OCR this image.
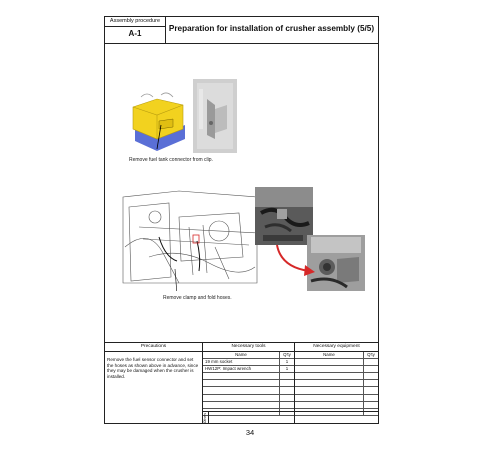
Assembly procedure
A-1
Preparation for installation of crusher assembly (5/5)
Remove fuel tank connector from clip.
Remove clamp and fold hoses.
Precautions
Remove the fuel sensor connector and set the hoses as shown above in advance, since they may be damaged when the crusher is installed.
Necessary tools
Name	Q'ty
19 mm socket	1
HW12P: Impact wrench	1

Necessary equipment
Name	Q'ty

Others
34
